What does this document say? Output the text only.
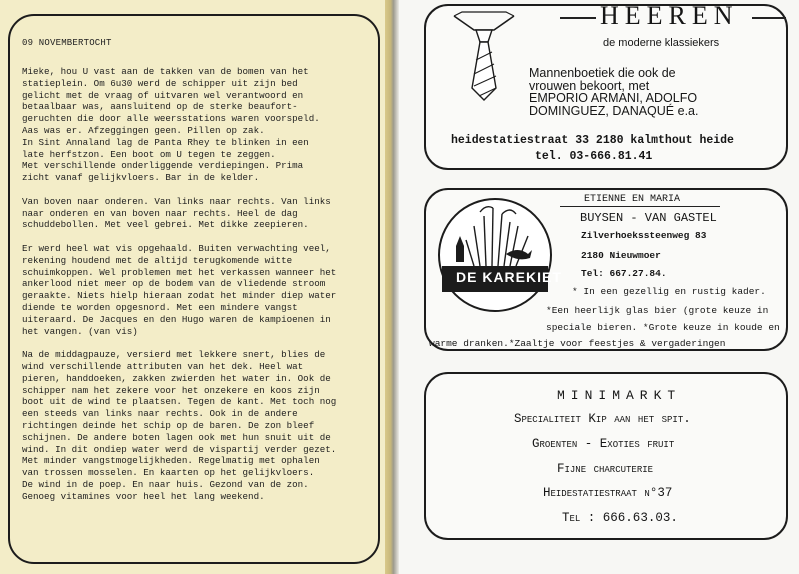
09 NOVEMBERTOCHT

Mieke, hou U vast aan de takken van de bomen van het
statieplein. Om 6u30 werd de schipper uit zijn bed
gelicht met de vraag of uitvaren wel verantwoord en
betaalbaar was, aansluitend op de sterke beaufort-
geruchten die door alle weersstations waren voorspeld.
Aas was er. Afzeggingen geen. Pillen op zak.
In Sint Annaland lag de Panta Rhey te blinken in een
late herfstzon. Een boot om U tegen te zeggen.
Met verschillende onderliggende verdiepingen. Prima
zicht vanaf gelijkvloers. Bar in de kelder.

Van boven naar onderen. Van links naar rechts. Van links
naar onderen en van boven naar rechts. Heel de dag
schuddebollen. Met veel gebrei. Met dikke zeepieren.

Er werd heel wat vis opgehaald. Buiten verwachting veel,
rekening houdend met de altijd terugkomende witte
schuimkoppen. Wel problemen met het verkassen wanneer het
ankerlood niet meer op de bodem van de vliedende stroom
geraakte. Niets hielp hieraan zodat het minder diep water
diende te worden opgesnord. Met een mindere vangst
uiteraard. De Jacques en den Hugo waren de kampioenen in
het vangen. (van vis)

Na de middagpauze, versierd met lekkere snert, blies de
wind verschillende attributen van het dek. Heel wat
pieren, handdoeken, zakken zwierden het water in. Ook de
schipper nam het zekere voor het onzekere en koos zijn
boot uit de wind te plaatsen. Tegen de kant. Met toch nog
een steeds van links naar rechts. Ook in de andere
richtingen deinde het schip op de baren. De zon bleef
schijnen. De andere boten lagen ook met hun snuit uit de
wind. In dit ondiep water werd de vispartij verder gezet.
Met minder vangstmogelijkheden. Regelmatig met ophalen
van trossen mosselen. En kaarten op het gelijkvloers.
De wind in de poep. En naar huis. Gezond van de zon.
Genoeg vitamines voor heel het lang weekend.

HEEREN
de moderne klassiekers
Mannenboetiek die ook de
vrouwen bekoort, met
EMPORIO ARMANI, ADOLFO
DOMINGUEZ, DANAQUÉ e.a.
heidestatiestraat 33 2180 kalmthout heide
tel. 03-666.81.41
DE KAREKIET
ETIENNE EN MARIA
BUYSEN - VAN GASTEL
Zilverhoekssteenweg 83
2180 Nieuwmoer
Tel: 667.27.84.
* In een gezellig en rustig kader.
*Een heerlijk glas bier (grote keuze in
speciale bieren. *Grote keuze in koude en
warme dranken.*Zaaltje voor feestjes & vergaderingen
MINIMARKT
Specialiteit Kip aan het spit.
Groenten - Exoties fruit
Fijne charcuterie
Heidestatiestraat n°37
Tel : 666.63.03.
